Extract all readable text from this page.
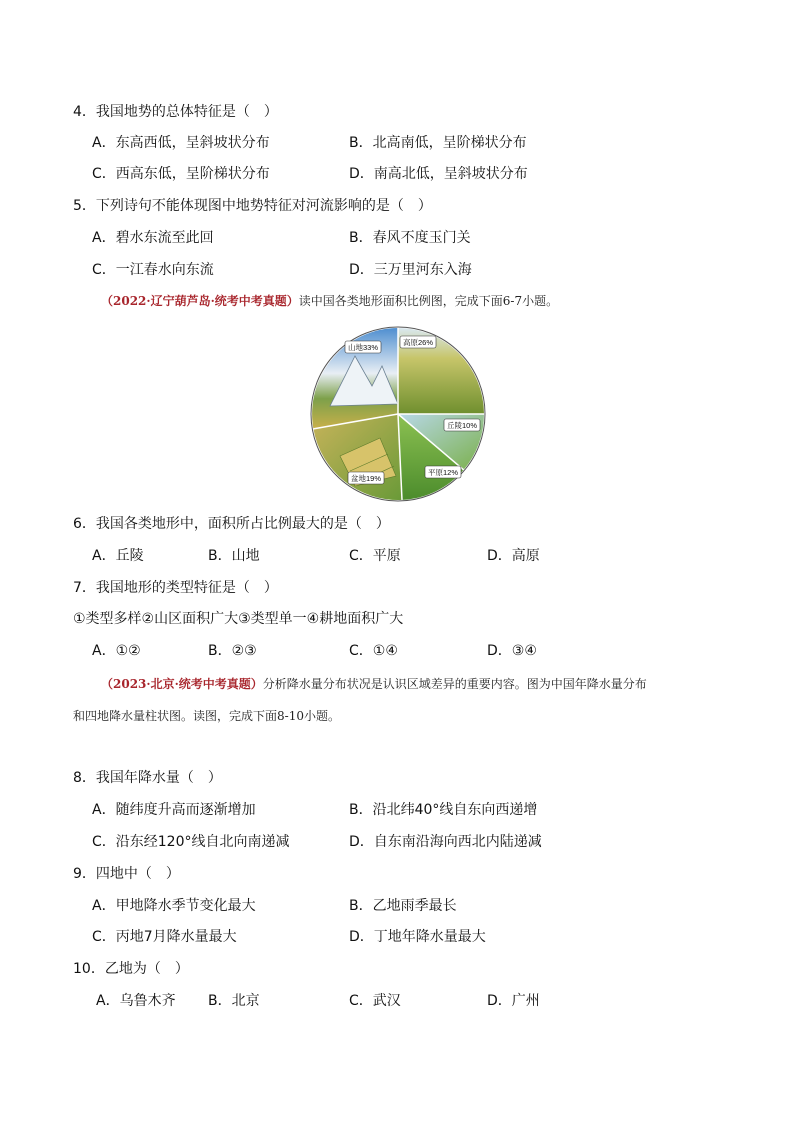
4．我国地势的总体特征是（　）
A．东高西低，呈斜坡状分布	B．北高南低，呈阶梯状分布
C．西高东低，呈阶梯状分布	D．南高北低，呈斜坡状分布
5．下列诗句不能体现图中地势特征对河流影响的是（　）
A．碧水东流至此回	B．春风不度玉门关
C．一江春水向东流	D．三万里河东入海
（2022·辽宁葫芦岛·统考中考真题）读中国各类地形面积比例图，完成下面6-7小题。
山地33%
高原26%
丘陵10%
平原12%
盆地19%
6．我国各类地形中，面积所占比例最大的是（　）
A．丘陵	B．山地	C．平原	D．高原
7．我国地形的类型特征是（　）
①类型多样②山区面积广大③类型单一④耕地面积广大
A．①②	B．②③	C．①④	D．③④
（2023·北京·统考中考真题）分析降水量分布状况是认识区域差异的重要内容。图为中国年降水量分布
和四地降水量柱状图。读图，完成下面8-10小题。
8．我国年降水量（　）
A．随纬度升高而逐渐增加	B．沿北纬40°线自东向西递增
C．沿东经120°线自北向南递减	D．自东南沿海向西北内陆递减
9．四地中（　）
A．甲地降水季节变化最大	B．乙地雨季最长
C．丙地7月降水量最大	D．丁地年降水量最大
10．乙地为（　）
A．乌鲁木齐 B．北京	C．武汉	D．广州
